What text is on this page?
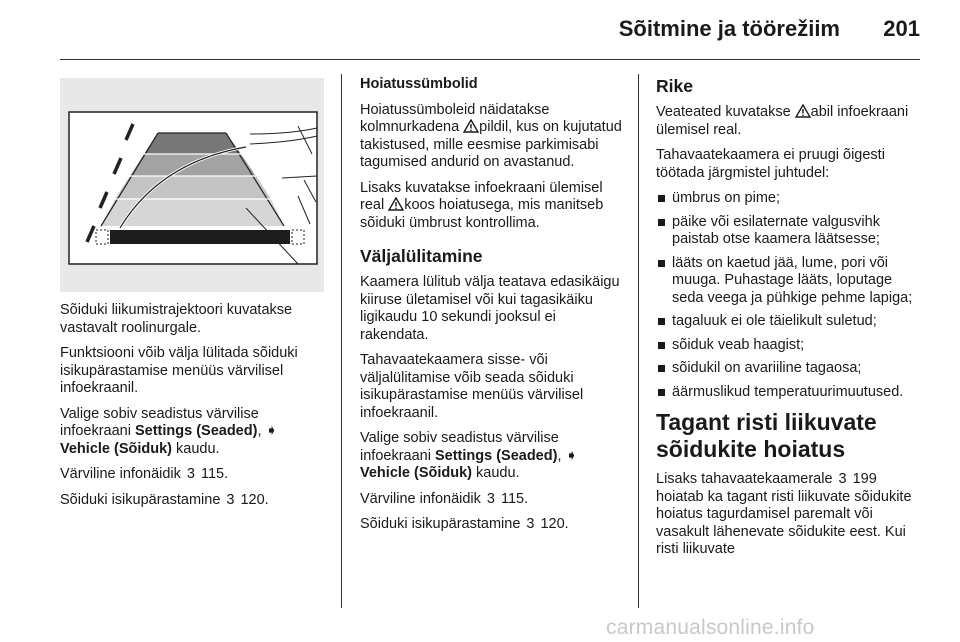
Sõitmine ja töörežiim 201

Sõiduki liikumistrajektoori kuvatakse vastavalt roolinurgale.

Funktsiooni võib välja lülitada sõiduki isikupärastamise menüüs värvilisel infoekraanil.

Valige sobiv seadistus värvilise infoekraani Settings (Seaded), ➧ Vehicle (Sõiduk) kaudu.

Värviline infonäidik 3 115.

Sõiduki isikupärastamine 3 120.

Hoiatussümbolid

Hoiatussümboleid näidatakse kolmnurkadena pildil, kus on kujutatud takistused, mille eesmise parkimisabi tagumised andurid on avastanud.

Lisaks kuvatakse infoekraani ülemisel real koos hoiatusega, mis manitseb sõiduki ümbrust kontrollima.

Väljalülitamine

Kaamera lülitub välja teatava edasikäigu kiiruse ületamisel või kui tagasikäiku ligikaudu 10 sekundi jooksul ei rakendata.

Tahavaatekaamera sisse- või väljalülitamise võib seada sõiduki isikupärastamise menüüs värvilisel infoekraanil.

Valige sobiv seadistus värvilise infoekraani Settings (Seaded), ➧ Vehicle (Sõiduk) kaudu.

Värviline infonäidik 3 115.

Sõiduki isikupärastamine 3 120.

Rike

Veateated kuvatakse abil infoekraani ülemisel real.

Tahavaatekaamera ei pruugi õigesti töötada järgmistel juhtudel:

ümbrus on pime;
päike või esilaternate valgusvihk paistab otse kaamera läätsesse;
lääts on kaetud jää, lume, pori või muuga. Puhastage lääts, loputage seda veega ja pühkige pehme lapiga;
tagaluuk ei ole täielikult suletud;
sõiduk veab haagist;
sõidukil on avariiline tagaosa;
äärmuslikud temperatuurimuutused.

Tagant risti liikuvate sõidukite hoiatus

Lisaks tahavaatekaamerale 3 199 hoiatab ka tagant risti liikuvate sõidukite hoiatus tagurdamisel paremalt või vasakult lähenevate sõidukite eest. Kui risti liikuvate

carmanualsonline.info
